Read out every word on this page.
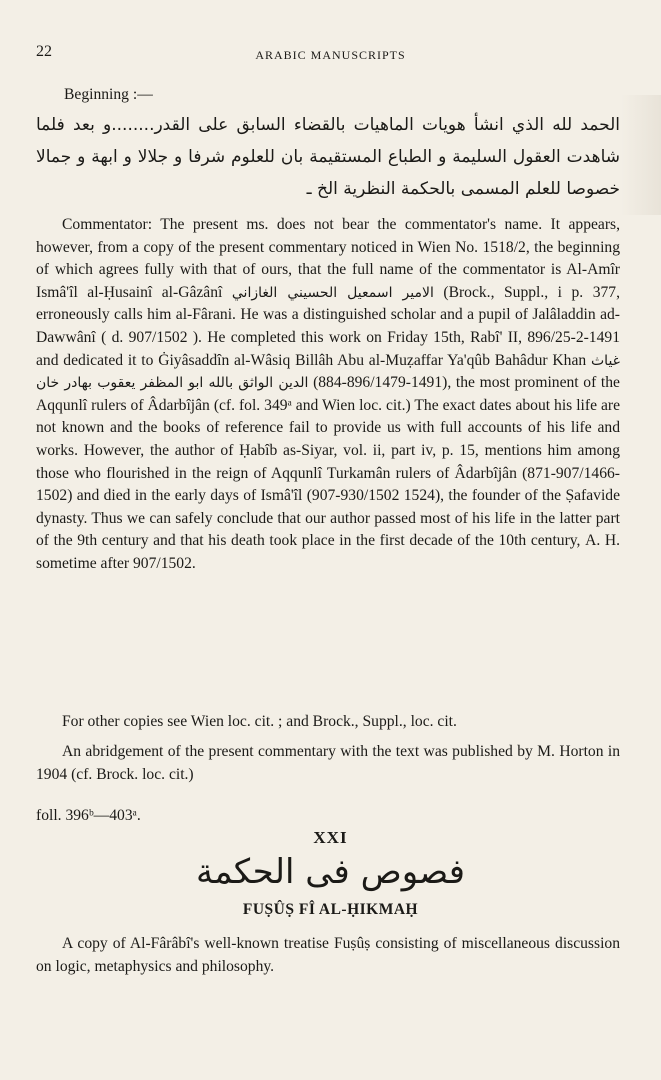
22	ARABIC MANUSCRIPTS
Beginning :—
الحمد لله الذي انشأ هويات الماهيات بالقضاء السابق على القدر........و بعد فلما
شاهدت العقول السليمة و الطباع المستقيمة بان للعلوم شرفا و جلالا و ابهة و جمالا
خصوصا للعلم المسمى بالحكمة النظرية الخ ـ

Commentator: The present ms. does not bear the commentator's name. It appears, however, from a copy of the present commentary noticed in Wien No. 1518/2, the beginning of which agrees fully with that of ours, that the full name of the commentator is Al-Amîr Ismâ'îl al-Ḥusainî al-Gâzânî الامير اسمعيل الحسيني الغازاني (Brock., Suppl., i p. 377, erroneously calls him al-Fârani. He was a distinguished scholar and a pupil of Jalâladdin ad-Dawwânî ( d. 907/1502 ). He completed this work on Friday 15th, Rabî' II, 896/25-2-1491 and dedicated it to Ġiyâsaddîn al-Wâsiq Billâh Abu al-Muẓaffar Ya'qûb Bahâdur Khan غياث الدين الواثق بالله ابو المظفر يعقوب بهادر خان (884-896/1479-1491), the most prominent of the Aqqunlî rulers of Âdarbîjân (cf. fol. 349ᵃ and Wien loc. cit.) The exact dates about his life are not known and the books of reference fail to provide us with full accounts of his life and works. However, the author of Ḥabîb as-Siyar, vol. ii, part iv, p. 15, mentions him among those who flourished in the reign of Aqqunlî Turkamân rulers of Âdarbîjân (871-907/1466-1502) and died in the early days of Ismâ'îl (907-930/1502 1524), the founder of the Ṣafavide dynasty. Thus we can safely conclude that our author passed most of his life in the latter part of the 9th century and that his death took place in the first decade of the 10th century, A. H. sometime after 907/1502.

For other copies see Wien loc. cit. ; and Brock., Suppl., loc. cit.

An abridgement of the present commentary with the text was published by M. Horton in 1904 (cf. Brock. loc. cit.)

foll. 396ᵇ—403ᵃ.
XXI
فصوص فى الحكمة
FUṢÛṢ FÎ AL-ḤIKMAḤ

A copy of Al-Fârâbî's well-known treatise Fuṣûṣ consisting of miscellaneous discussion on logic, metaphysics and philosophy.
